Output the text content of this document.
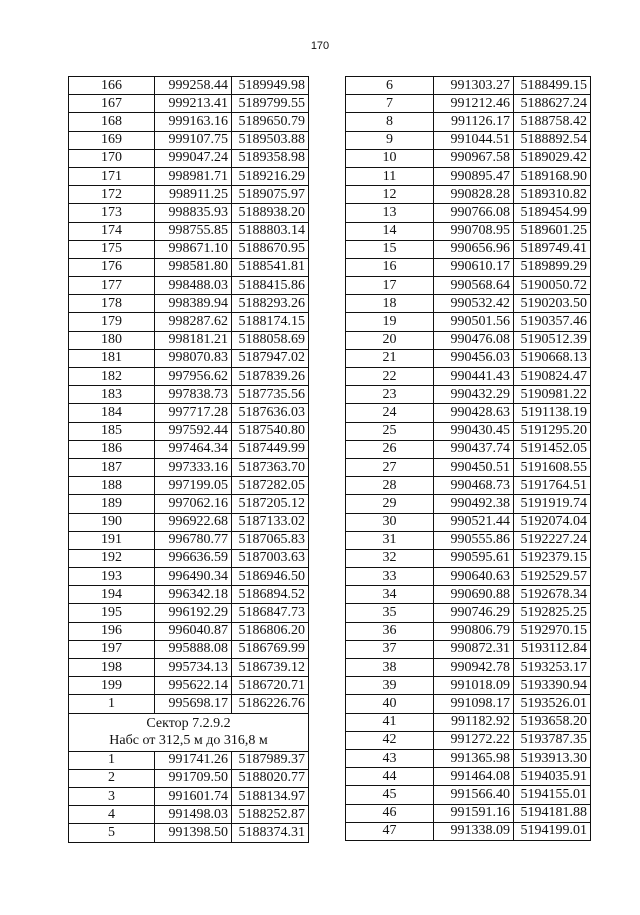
170
166	999258.44	5189949.98
167	999213.41	5189799.55
168	999163.16	5189650.79
169	999107.75	5189503.88
170	999047.24	5189358.98
171	998981.71	5189216.29
172	998911.25	5189075.97
173	998835.93	5188938.20
174	998755.85	5188803.14
175	998671.10	5188670.95
176	998581.80	5188541.81
177	998488.03	5188415.86
178	998389.94	5188293.26
179	998287.62	5188174.15
180	998181.21	5188058.69
181	998070.83	5187947.02
182	997956.62	5187839.26
183	997838.73	5187735.56
184	997717.28	5187636.03
185	997592.44	5187540.80
186	997464.34	5187449.99
187	997333.16	5187363.70
188	997199.05	5187282.05
189	997062.16	5187205.12
190	996922.68	5187133.02
191	996780.77	5187065.83
192	996636.59	5187003.63
193	996490.34	5186946.50
194	996342.18	5186894.52
195	996192.29	5186847.73
196	996040.87	5186806.20
197	995888.08	5186769.99
198	995734.13	5186739.12
199	995622.14	5186720.71
1	995698.17	5186226.76

Сектор 7.2.9.2
Набс от 312,5 м до 316,8 м		

1	991741.26	5187989.37
2	991709.50	5188020.77
3	991601.74	5188134.97
4	991498.03	5188252.87
5	991398.50	5188374.31
6	991303.27	5188499.15
7	991212.46	5188627.24
8	991126.17	5188758.42
9	991044.51	5188892.54
10	990967.58	5189029.42
11	990895.47	5189168.90
12	990828.28	5189310.82
13	990766.08	5189454.99
14	990708.95	5189601.25
15	990656.96	5189749.41
16	990610.17	5189899.29
17	990568.64	5190050.72
18	990532.42	5190203.50
19	990501.56	5190357.46
20	990476.08	5190512.39
21	990456.03	5190668.13
22	990441.43	5190824.47
23	990432.29	5190981.22
24	990428.63	5191138.19
25	990430.45	5191295.20
26	990437.74	5191452.05
27	990450.51	5191608.55
28	990468.73	5191764.51
29	990492.38	5191919.74
30	990521.44	5192074.04
31	990555.86	5192227.24
32	990595.61	5192379.15
33	990640.63	5192529.57
34	990690.88	5192678.34
35	990746.29	5192825.25
36	990806.79	5192970.15
37	990872.31	5193112.84
38	990942.78	5193253.17
39	991018.09	5193390.94
40	991098.17	5193526.01
41	991182.92	5193658.20
42	991272.22	5193787.35
43	991365.98	5193913.30
44	991464.08	5194035.91
45	991566.40	5194155.01
46	991591.16	5194181.88
47	991338.09	5194199.01
